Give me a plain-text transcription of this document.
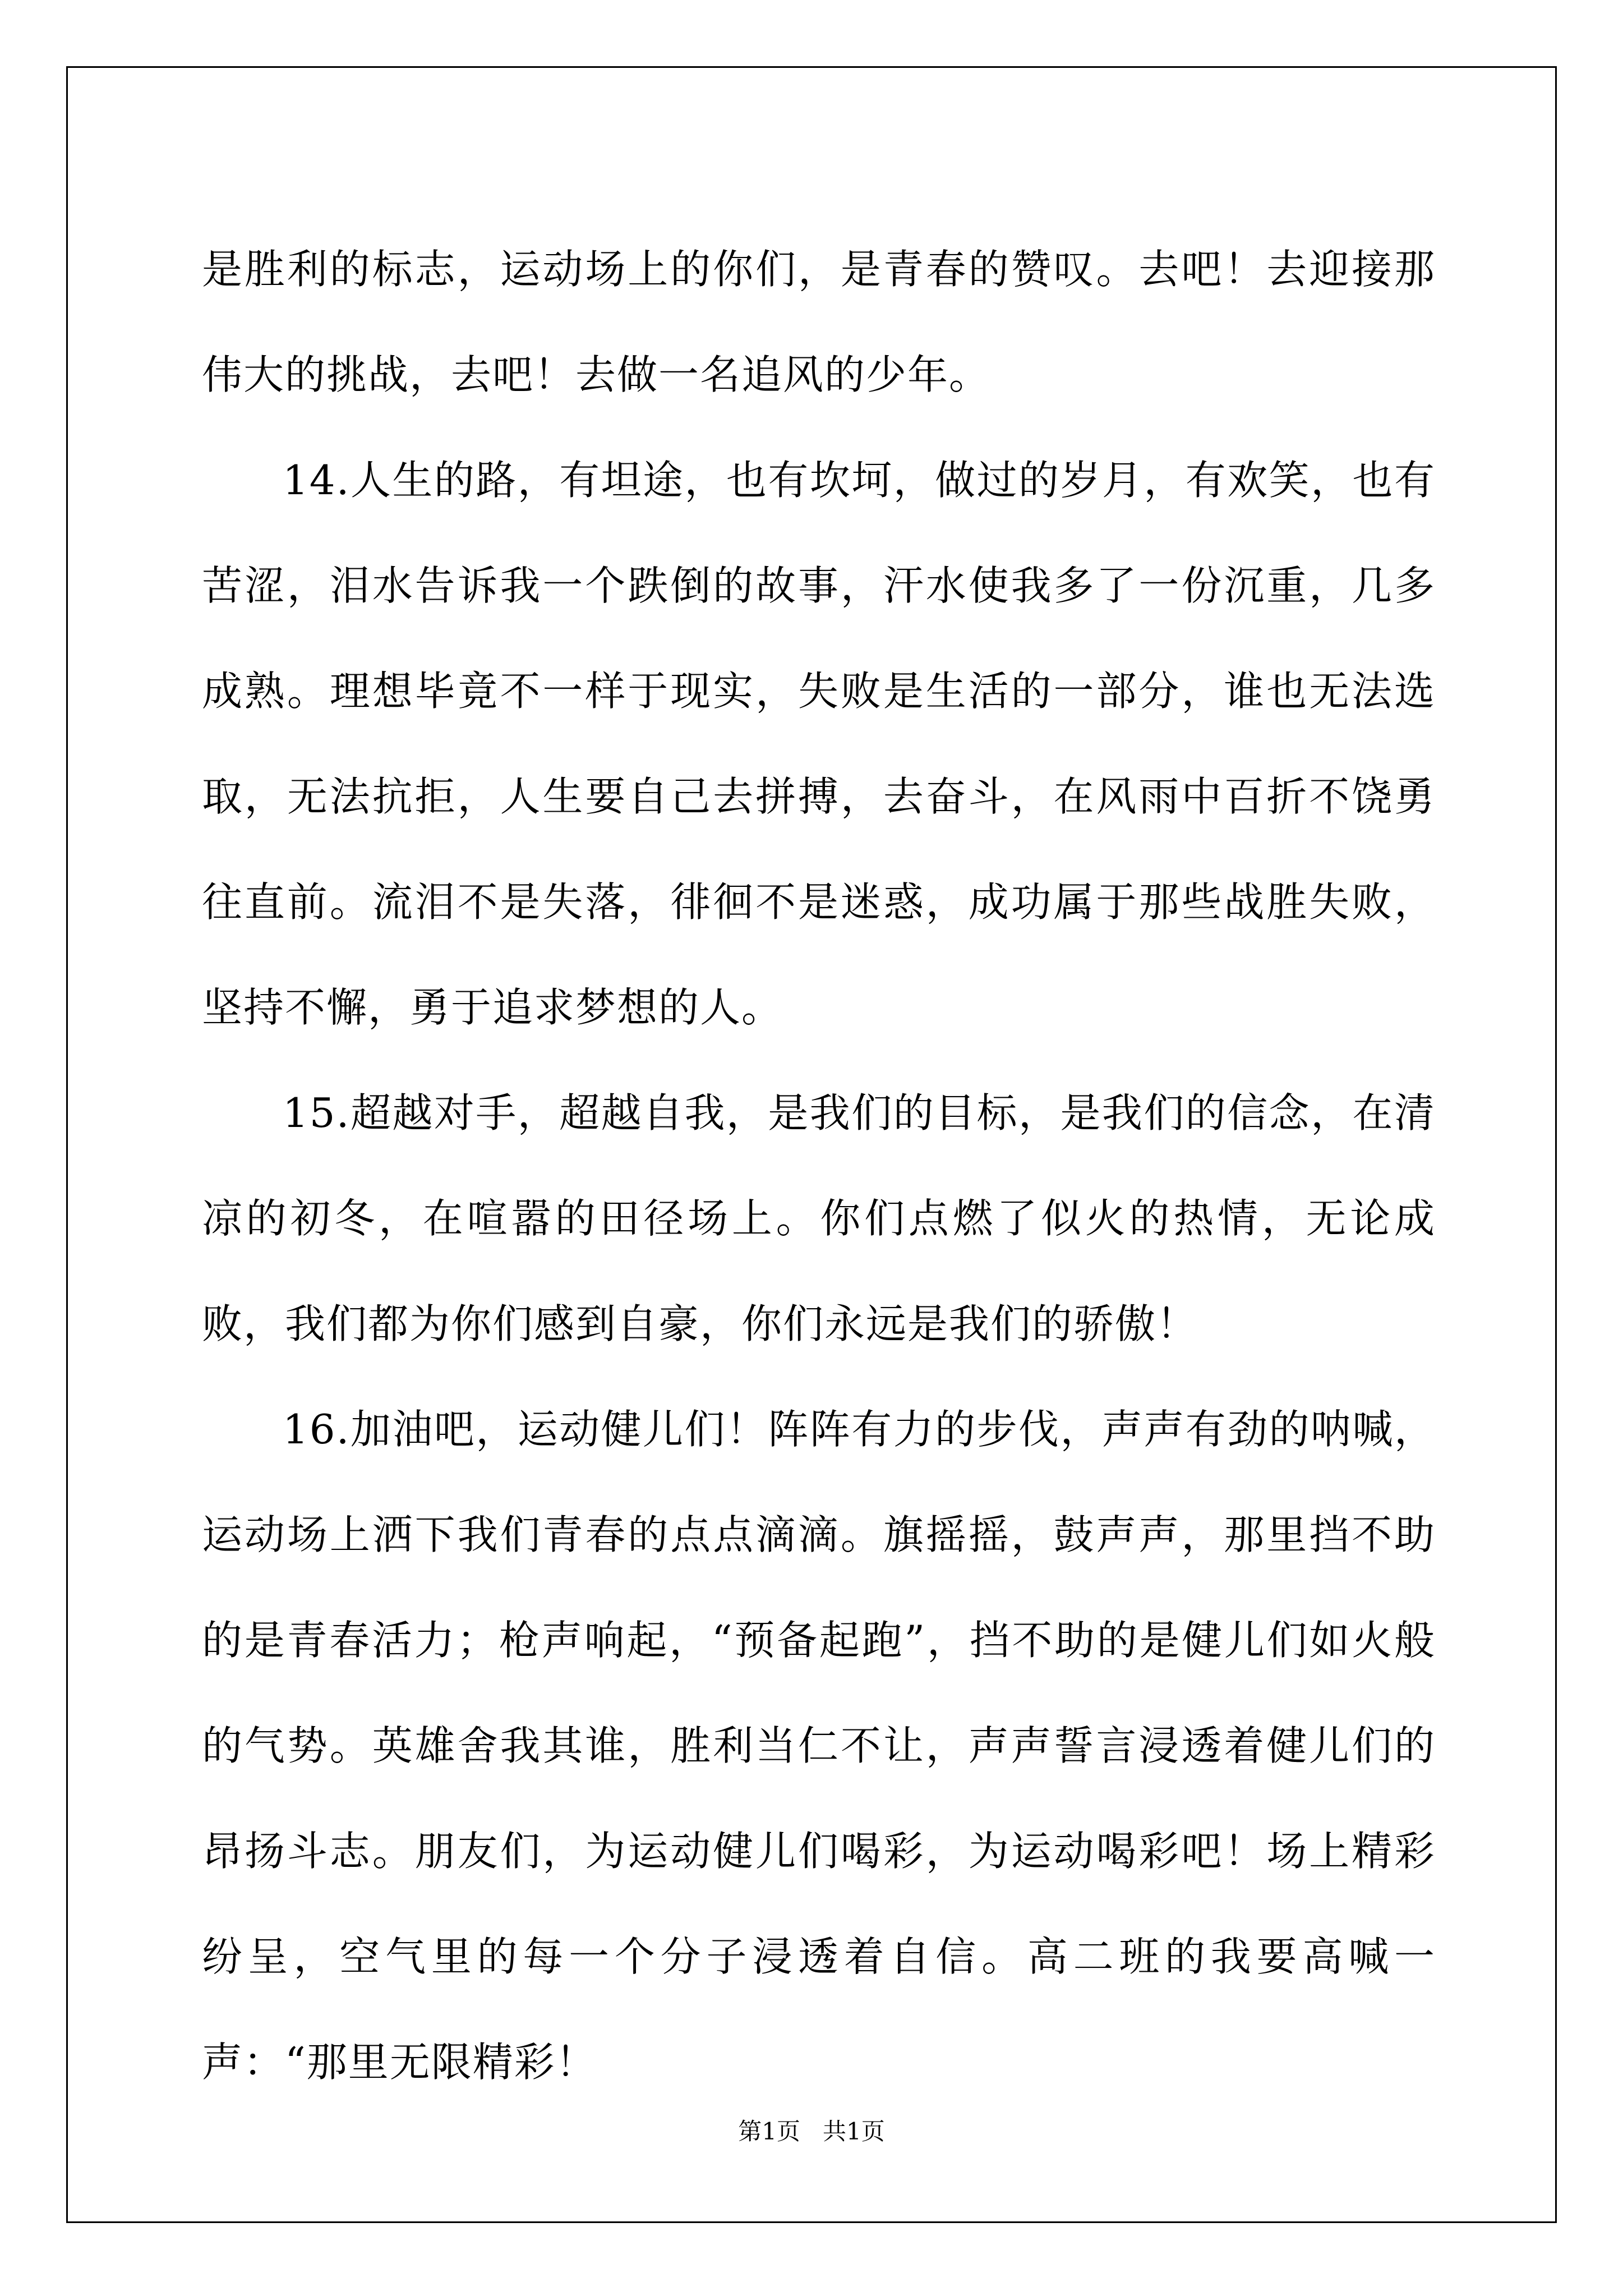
是胜利的标志，运动场上的你们，是青春的赞叹。去吧！去迎接那伟大的挑战，去吧！去做一名追风的少年。

14.人生的路，有坦途，也有坎坷，做过的岁月，有欢笑，也有苦涩，泪水告诉我一个跌倒的故事，汗水使我多了一份沉重，几多成熟。理想毕竟不一样于现实，失败是生活的一部分，谁也无法选取，无法抗拒，人生要自己去拼搏，去奋斗，在风雨中百折不饶勇往直前。流泪不是失落，徘徊不是迷惑，成功属于那些战胜失败，坚持不懈，勇于追求梦想的人。

15.超越对手，超越自我，是我们的目标，是我们的信念，在清凉的初冬，在喧嚣的田径场上。你们点燃了似火的热情，无论成败，我们都为你们感到自豪，你们永远是我们的骄傲！

16.加油吧，运动健儿们！阵阵有力的步伐，声声有劲的呐喊，运动场上洒下我们青春的点点滴滴。旗摇摇，鼓声声，那里挡不助的是青春活力；枪声响起，“预备起跑”，挡不助的是健儿们如火般的气势。英雄舍我其谁，胜利当仁不让，声声誓言浸透着健儿们的昂扬斗志。朋友们，为运动健儿们喝彩，为运动喝彩吧！场上精彩纷呈，空气里的每一个分子浸透着自信。高二班的我要高喊一声：“那里无限精彩！

第1页 共1页
